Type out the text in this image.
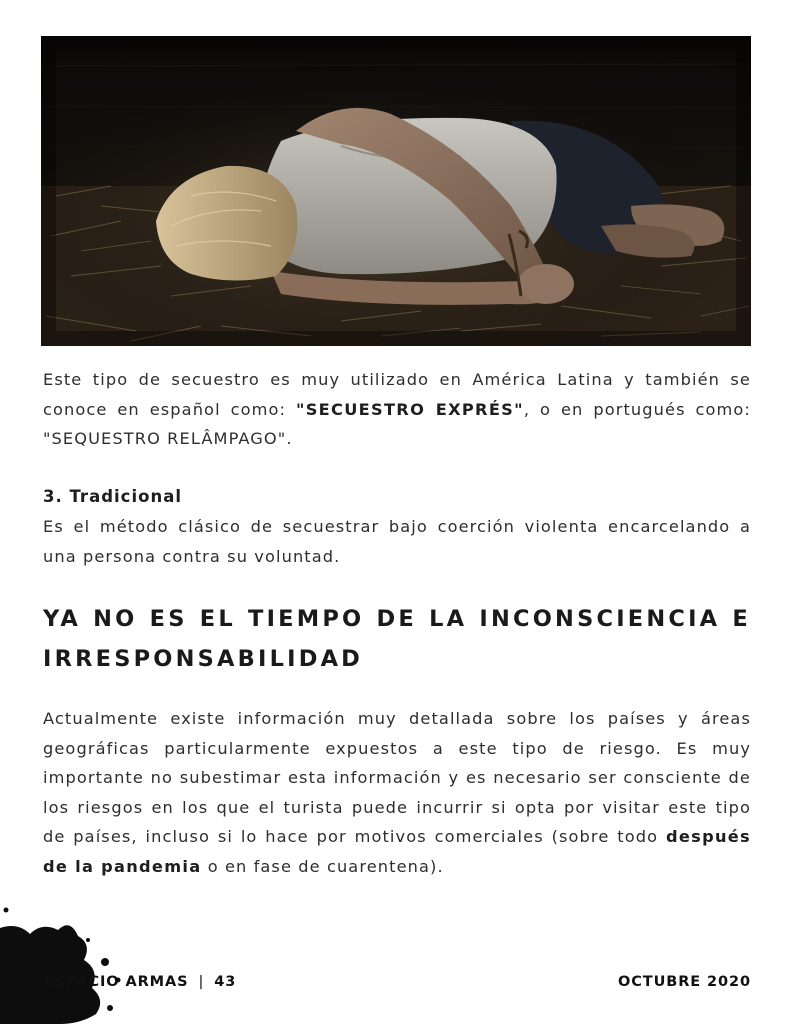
Este tipo de secuestro es muy utilizado en América Latina y también se conoce en español como: "SECUESTRO EXPRÉS", o en portugués como: "SEQUESTRO RELÂMPAGO".

3. Tradicional

Es el método clásico de secuestrar bajo coerción violenta encarcelando a una persona contra su voluntad.

YA NO ES EL TIEMPO DE LA INCONSCIENCIA E IRRESPONSABILIDAD

Actualmente existe información muy detallada sobre los países y áreas geográficas particularmente expuestos a este tipo de riesgo. Es muy importante no subestimar esta información y es necesario ser consciente de los riesgos en los que el turista puede incurrir si opta por visitar este tipo de países, incluso si lo hace por motivos comerciales (sobre todo después de la pandemia o en fase de cuarentena).

ESPACIO ARMAS | 43	OCTUBRE 2020
